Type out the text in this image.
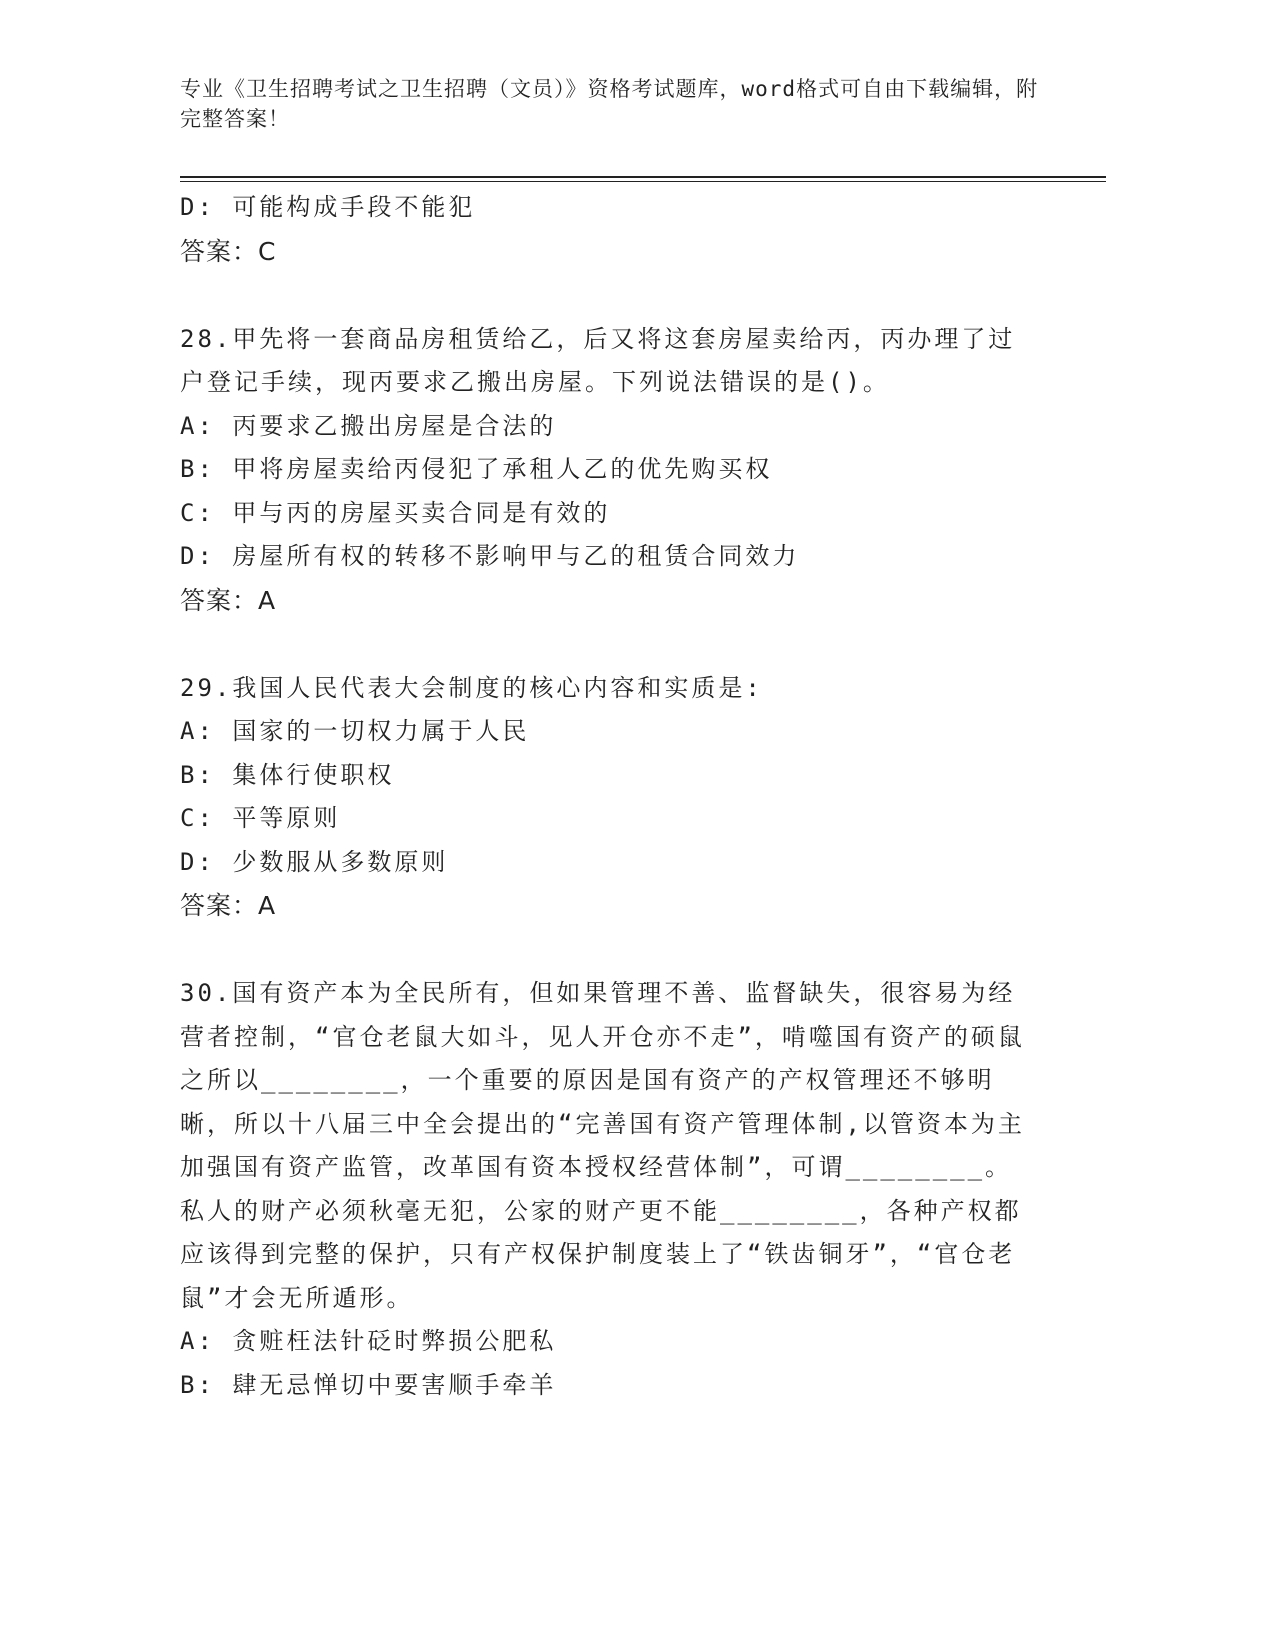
专业《卫生招聘考试之卫生招聘（文员）》资格考试题库，word格式可自由下载编辑，附完整答案！

D: 可能构成手段不能犯

答案：C

28.甲先将一套商品房租赁给乙，后又将这套房屋卖给丙，丙办理了过户登记手续，现丙要求乙搬出房屋。下列说法错误的是()。

A: 丙要求乙搬出房屋是合法的

B: 甲将房屋卖给丙侵犯了承租人乙的优先购买权

C: 甲与丙的房屋买卖合同是有效的

D: 房屋所有权的转移不影响甲与乙的租赁合同效力

答案：A

29.我国人民代表大会制度的核心内容和实质是:

A: 国家的一切权力属于人民

B: 集体行使职权

C: 平等原则

D: 少数服从多数原则

答案：A

30.国有资产本为全民所有，但如果管理不善、监督缺失，很容易为经营者控制，“官仓老鼠大如斗，见人开仓亦不走”，啃噬国有资产的硕鼠之所以________，一个重要的原因是国有资产的产权管理还不够明晰，所以十八届三中全会提出的“完善国有资产管理体制,以管资本为主加强国有资产监管，改革国有资本授权经营体制”，可谓________。私人的财产必须秋毫无犯，公家的财产更不能________，各种产权都应该得到完整的保护，只有产权保护制度装上了“铁齿铜牙”，“官仓老鼠”才会无所遁形。

A: 贪赃枉法针砭时弊损公肥私

B: 肆无忌惮切中要害顺手牵羊
